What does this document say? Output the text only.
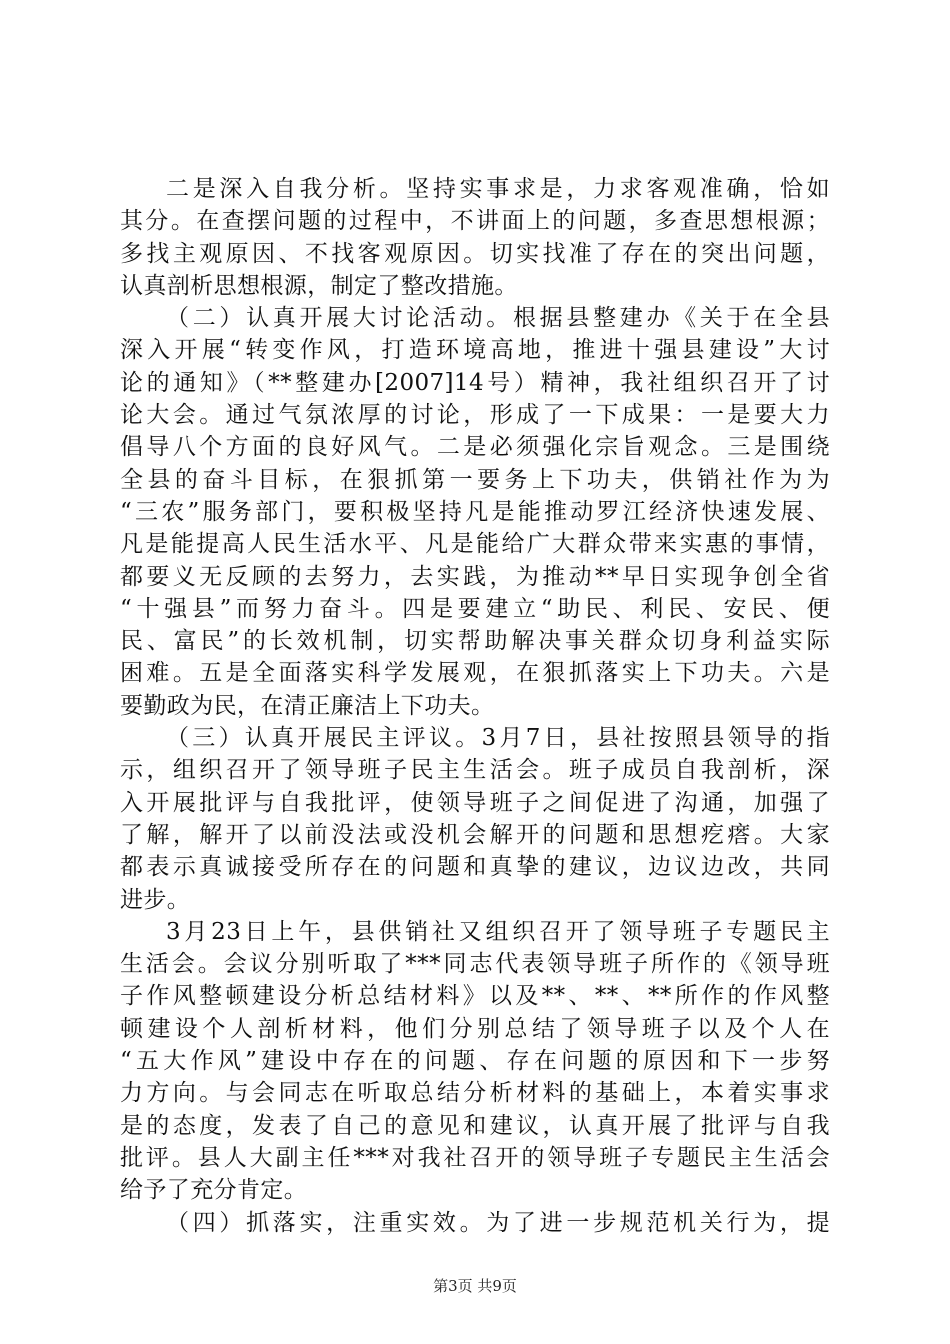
二是深入自我分析。坚持实事求是，力求客观准确，恰如
其分。在查摆问题的过程中，不讲面上的问题，多查思想根源；
多找主观原因、不找客观原因。切实找准了存在的突出问题，
认真剖析思想根源，制定了整改措施。
（二）认真开展大讨论活动。根据县整建办《关于在全县
深入开展“转变作风，打造环境高地，推进十强县建设”大讨
论的通知》（**整建办[2007]14号）精神，我社组织召开了讨
论大会。通过气氛浓厚的讨论，形成了一下成果：一是要大力
倡导八个方面的良好风气。二是必须强化宗旨观念。三是围绕
全县的奋斗目标，在狠抓第一要务上下功夫，供销社作为为
“三农”服务部门，要积极坚持凡是能推动罗江经济快速发展、
凡是能提高人民生活水平、凡是能给广大群众带来实惠的事情，
都要义无反顾的去努力，去实践，为推动**早日实现争创全省
“十强县”而努力奋斗。四是要建立“助民、利民、安民、便
民、富民”的长效机制，切实帮助解决事关群众切身利益实际
困难。五是全面落实科学发展观，在狠抓落实上下功夫。六是
要勤政为民，在清正廉洁上下功夫。
（三）认真开展民主评议。3月7日，县社按照县领导的指
示，组织召开了领导班子民主生活会。班子成员自我剖析，深
入开展批评与自我批评，使领导班子之间促进了沟通，加强了
了解，解开了以前没法或没机会解开的问题和思想疙瘩。大家
都表示真诚接受所存在的问题和真挚的建议，边议边改，共同
进步。
3月23日上午，县供销社又组织召开了领导班子专题民主
生活会。会议分别听取了***同志代表领导班子所作的《领导班
子作风整顿建设分析总结材料》以及**、**、**所作的作风整
顿建设个人剖析材料，他们分别总结了领导班子以及个人在
“五大作风”建设中存在的问题、存在问题的原因和下一步努
力方向。与会同志在听取总结分析材料的基础上，本着实事求
是的态度，发表了自己的意见和建议，认真开展了批评与自我
批评。县人大副主任***对我社召开的领导班子专题民主生活会
给予了充分肯定。
（四）抓落实，注重实效。为了进一步规范机关行为，提
第3页 共9页
